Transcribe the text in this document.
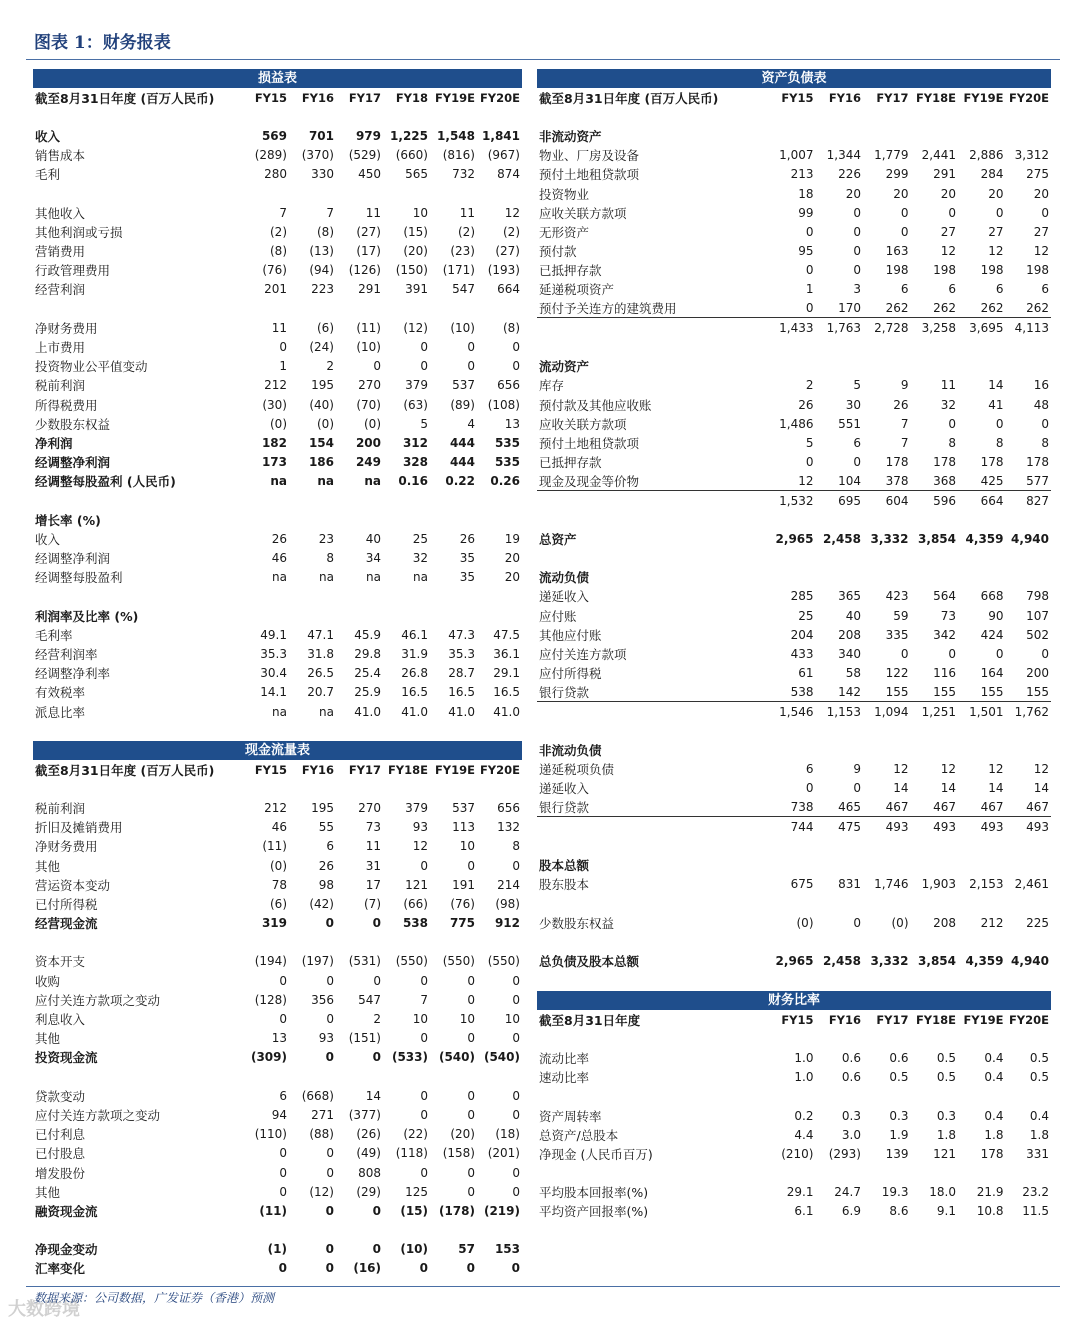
图表 1：财务报表
损益表
截至8月31日年度 (百万人民币)	FY15	FY16	FY17	FY18 FY19E FY20E
收入	569	701	979 1,225 1,548 1,841
销售成本	(289)	(370)	(529)	(660)	(816)	(967)
毛利	280	330	450	565	732	874
其他收入	7	7	11	10	11	12
其他利润或亏损	(2)	(8)	(27)	(15)	(2)	(2)
营销费用	(8)	(13)	(17)	(20)	(23)	(27)
行政管理费用	(76)	(94)	(126)	(150)	(171)	(193)
经营利润	201	223	291	391	547	664
净财务费用	11	(6)	(11)	(12)	(10)	(8)
上市费用	0	(24)	(10)	0	0	0
投资物业公平值变动	1	2	0	0	0	0
税前利润	212	195	270	379	537	656
所得税费用	(30)	(40)	(70)	(63)	(89)	(108)
少数股东权益	(0)	(0)	(0)	5	4	13
净利润	182	154	200	312	444	535
经调整净利润	173	186	249	328	444	535
经调整每股盈利 (人民币)	na	na	na	0.16	0.22	0.26
增长率 (%)
收入	26	23	40	25	26	19
经调整净利润	46	8	34	32	35	20
经调整每股盈利	na	na	na	na	35	20
利润率及比率 (%)
毛利率	49.1	47.1	45.9	46.1	47.3	47.5
经营利润率	35.3	31.8	29.8	31.9	35.3	36.1
经调整净利率	30.4	26.5	25.4	26.8	28.7	29.1
有效税率	14.1	20.7	25.9	16.5	16.5	16.5
派息比率	na	na	41.0	41.0	41.0	41.0
现金流量表
截至8月31日年度 (百万人民币)	FY15	FY16	FY17 FY18E FY19E FY20E
税前利润	212	195	270	379	537	656
折旧及摊销费用	46	55	73	93	113	132
净财务费用	(11)	6	11	12	10	8
其他	(0)	26	31	0	0	0
营运资本变动	78	98	17	121	191	214
已付所得税	(6)	(42)	(7)	(66)	(76)	(98)
经营现金流	319	0	0	538	775	912
资本开支	(194)	(197)	(531)	(550)	(550)	(550)
收购	0	0	0	0	0	0
应付关连方款项之变动	(128)	356	547	7	0	0
利息收入	0	0	2	10	10	10
其他	13	93	(151)	0	0	0
投资现金流	(309)	0	0 (533) (540) (540)
贷款变动	6	(668)	14	0	0	0
应付关连方款项之变动	94	271	(377)	0	0	0
已付利息	(110)	(88)	(26)	(22)	(20)	(18)
已付股息	0	0	(49)	(118)	(158)	(201)
增发股份	0	0	808	0	0	0
其他	0	(12)	(29)	125	0	0
融资现金流	(11)	0	0	(15) (178) (219)
净现金变动	(1)	0	0	(10)	57	153
汇率变化	0	0	(16)	0	0	0
资产负债表
截至8月31日年度 (百万人民币)	FY15	FY16	FY17 FY18E FY19E FY20E
非流动资产
物业、厂房及设备	1,007	1,344	1,779	2,441	2,886 3,312
预付土地租贷款项	213	226	299	291	284	275
投资物业	18	20	20	20	20	20
应收关联方款项	99	0	0	0	0	0
无形资产	0	0	0	27	27	27
预付款	95	0	163	12	12	12
已抵押存款	0	0	198	198	198	198
延递税项资产	1	3	6	6	6	6
预付予关连方的建筑费用	0	170	262	262	262	262
1,433	1,763	2,728	3,258	3,695 4,113
流动资产
库存	2	5	9	11	14	16
预付款及其他应收账	26	30	26	32	41	48
应收关联方款项	1,486	551	7	0	0	0
预付土地租贷款项	5	6	7	8	8	8
已抵押存款	0	0	178	178	178	178
现金及现金等价物	12	104	378	368	425	577
1,532	695	604	596	664	827
总资产	2,965 2,458 3,332 3,854 4,359 4,940
流动负债
递延收入	285	365	423	564	668	798
应付账	25	40	59	73	90	107
其他应付账	204	208	335	342	424	502
应付关连方款项	433	340	0	0	0	0
应付所得税	61	58	122	116	164	200
银行贷款	538	142	155	155	155	155
1,546	1,153	1,094	1,251	1,501 1,762
非流动负债
递延税项负债	6	9	12	12	12	12
递延收入	0	0	14	14	14	14
银行贷款	738	465	467	467	467	467
744	475	493	493	493	493
股本总额
股东股本	675	831	1,746	1,903	2,153 2,461
少数股东权益	(0)	0	(0)	208	212	225
总负债及股本总额	2,965 2,458 3,332 3,854 4,359 4,940
财务比率
截至8月31日年度	FY15	FY16	FY17 FY18E FY19E FY20E
流动比率	1.0	0.6	0.6	0.5	0.4	0.5
速动比率	1.0	0.6	0.5	0.5	0.4	0.5
资产周转率	0.2	0.3	0.3	0.3	0.4	0.4
总资产/总股本	4.4	3.0	1.9	1.8	1.8	1.8
净现金 (人民币百万)	(210)	(293)	139	121	178	331
平均股本回报率(%)	29.1	24.7	19.3	18.0	21.9	23.2
平均资产回报率(%)	6.1	6.9	8.6	9.1	10.8	11.5
大数跨境
数据来源：公司数据，广发证券（香港）预测
